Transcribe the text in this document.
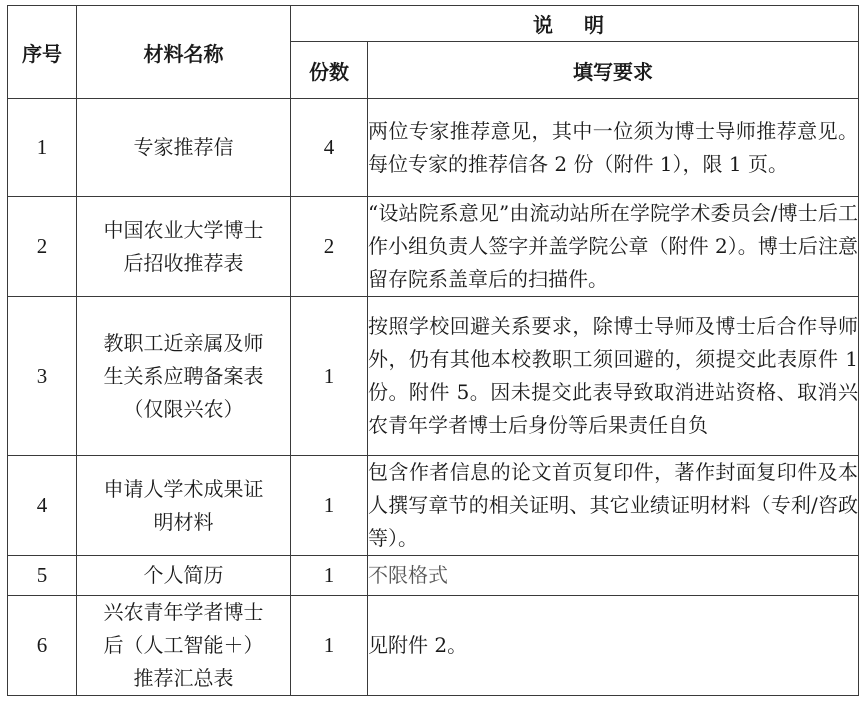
序号	材料名称	说 明	
		份数	填写要求
1	专家推荐信	4	两位专家推荐意见，其中一位须为博士导师推荐意见。每位专家的推荐信各 2 份（附件 1），限 1 页。
2	中国农业大学博士
后招收推荐表	2	“设站院系意见”由流动站所在学院学术委员会/博士后工作小组负责人签字并盖学院公章（附件 2）。博士后注意留存院系盖章后的扫描件。
3	教职工近亲属及师
生关系应聘备案表
（仅限兴农）	1	按照学校回避关系要求，除博士导师及博士后合作导师外，仍有其他本校教职工须回避的，须提交此表原件 1 份。附件 5。因未提交此表导致取消进站资格、取消兴农青年学者博士后身份等后果责任自负
4	申请人学术成果证
明材料	1	包含作者信息的论文首页复印件，著作封面复印件及本人撰写章节的相关证明、其它业绩证明材料（专利/咨政等）。
5	个人简历	1	不限格式
6	兴农青年学者博士
后（人工智能＋）
推荐汇总表	1	见附件 2。
